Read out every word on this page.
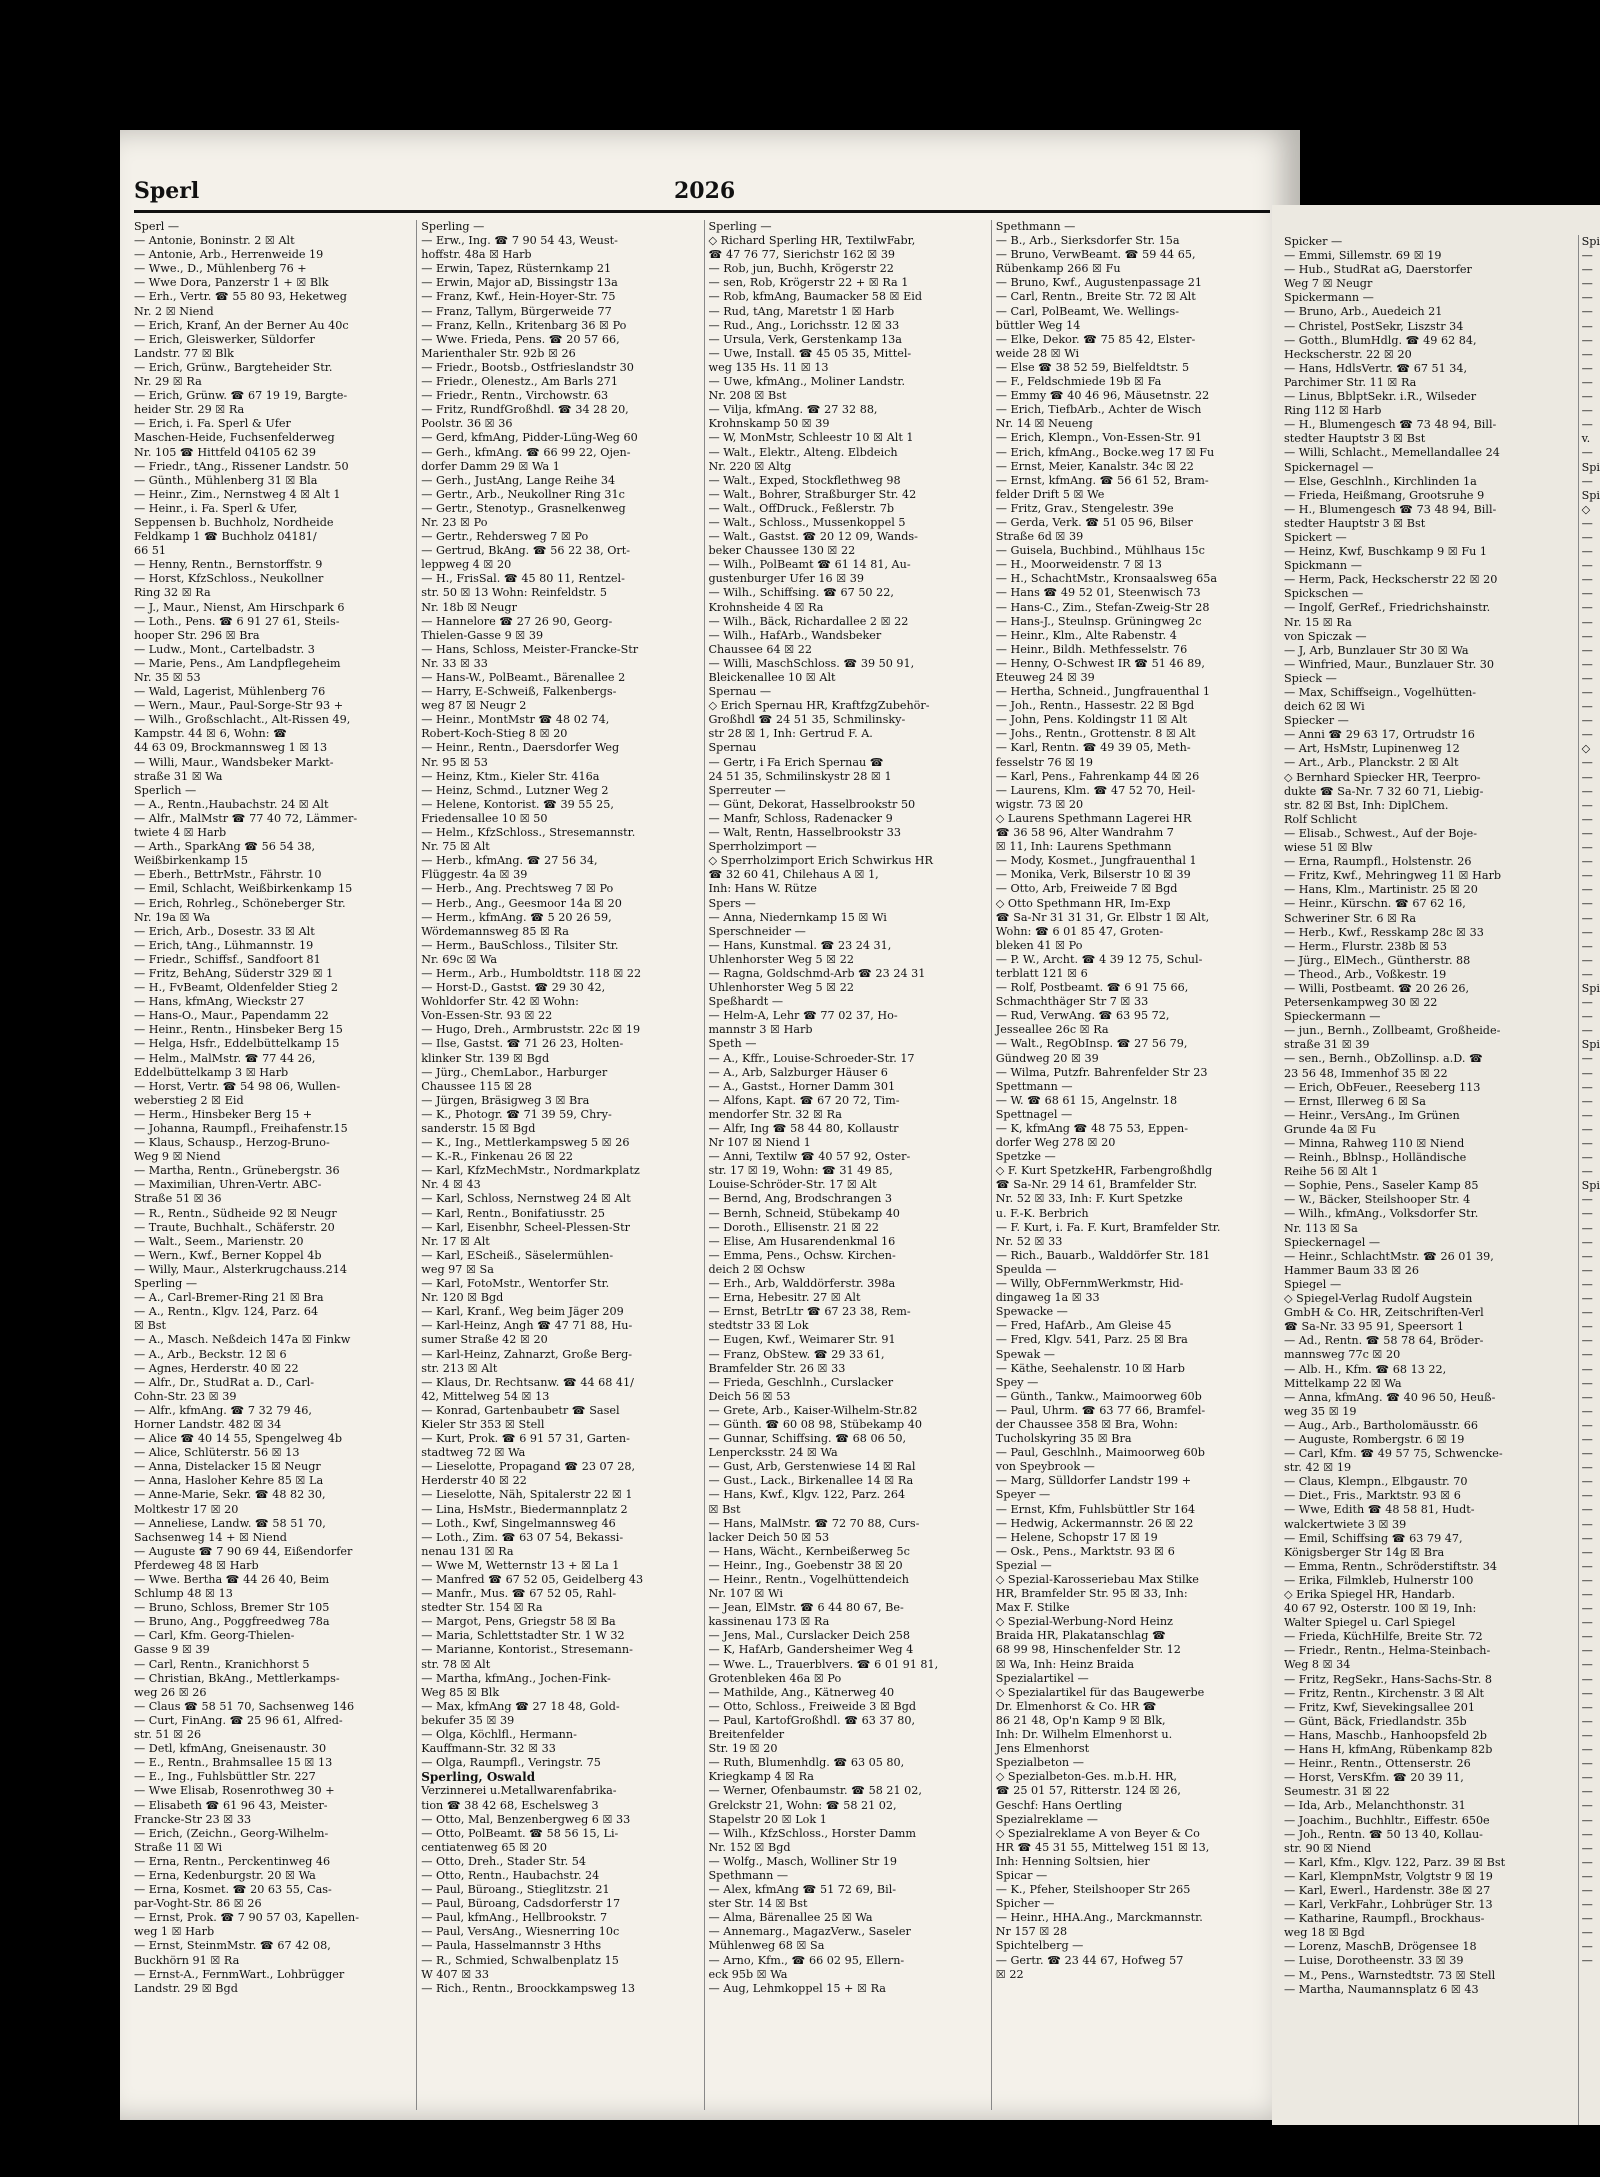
Sperl	2026
Sperl —
— Antonie, Boninstr. 2 ☒ Alt
— Antonie, Arb., Herrenweide 19
— Wwe., D., Mühlenberg 76 +
— Wwe Dora, Panzerstr 1 + ☒ Blk
— Erh., Vertr. ☎ 55 80 93, Heketweg
Nr. 2 ☒ Niend
— Erich, Kranf, An der Berner Au 40c
— Erich, Gleiswerker, Süldorfer
Landstr. 77 ☒ Blk
— Erich, Grünw., Bargteheider Str.
Nr. 29 ☒ Ra
— Erich, Grünw. ☎ 67 19 19, Bargte-
heider Str. 29 ☒ Ra
— Erich, i. Fa. Sperl & Ufer
Maschen-Heide, Fuchsenfelderweg
Nr. 105 ☎ Hittfeld 04105 62 39
— Friedr., tAng., Rissener Landstr. 50
— Günth., Mühlenberg 31 ☒ Bla
— Heinr., Zim., Nernstweg 4 ☒ Alt 1
— Heinr., i. Fa. Sperl & Ufer,
Seppensen b. Buchholz, Nordheide
Feldkamp 1 ☎ Buchholz 04181/
66 51
— Henny, Rentn., Bernstorffstr. 9
— Horst, KfzSchloss., Neukollner
Ring 32 ☒ Ra
— J., Maur., Nienst, Am Hirschpark 6
— Loth., Pens. ☎ 6 91 27 61, Steils-
hooper Str. 296 ☒ Bra
— Ludw., Mont., Cartelbadstr. 3
— Marie, Pens., Am Landpflegeheim
Nr. 35 ☒ 53
— Wald, Lagerist, Mühlenberg 76
— Wern., Maur., Paul-Sorge-Str 93 +
— Wilh., Großschlacht., Alt-Rissen 49,
Kampstr. 44 ☒ 6, Wohn: ☎
44 63 09, Brockmannsweg 1 ☒ 13
— Willi, Maur., Wandsbeker Markt-
straße 31 ☒ Wa
Sperlich —
— A., Rentn.,Haubachstr. 24 ☒ Alt
— Alfr., MalMstr ☎ 77 40 72, Lämmer-
twiete 4 ☒ Harb
— Arth., SparkAng ☎ 56 54 38,
Weißbirkenkamp 15
— Eberh., BettrMstr., Fährstr. 10
— Emil, Schlacht, Weißbirkenkamp 15
— Erich, Rohrleg., Schöneberger Str.
Nr. 19a ☒ Wa
— Erich, Arb., Dosestr. 33 ☒ Alt
— Erich, tAng., Lühmannstr. 19
— Friedr., Schiffsf., Sandfoort 81
— Fritz, BehAng, Süderstr 329 ☒ 1
— H., FvBeamt, Oldenfelder Stieg 2
— Hans, kfmAng, Wieckstr 27
— Hans-O., Maur., Papendamm 22
— Heinr., Rentn., Hinsbeker Berg 15
— Helga, Hsfr., Eddelbüttelkamp 15
— Helm., MalMstr. ☎ 77 44 26,
Eddelbüttelkamp 3 ☒ Harb
— Horst, Vertr. ☎ 54 98 06, Wullen-
weberstieg 2 ☒ Eid
— Herm., Hinsbeker Berg 15 +
— Johanna, Raumpfl., Freihafenstr.15
— Klaus, Schausp., Herzog-Bruno-
Weg 9 ☒ Niend
— Martha, Rentn., Grünebergstr. 36
— Maximilian, Uhren-Vertr. ABC-
Straße 51 ☒ 36
— R., Rentn., Südheide 92 ☒ Neugr
— Traute, Buchhalt., Schäferstr. 20
— Walt., Seem., Marienstr. 20
— Wern., Kwf., Berner Koppel 4b
— Willy, Maur., Alsterkrugchauss.214
Sperling —
— A., Carl-Bremer-Ring 21 ☒ Bra
— A., Rentn., Klgv. 124, Parz. 64
☒ Bst
— A., Masch. Neßdeich 147a ☒ Finkw
— A., Arb., Beckstr. 12 ☒ 6
— Agnes, Herderstr. 40 ☒ 22
— Alfr., Dr., StudRat a. D., Carl-
Cohn-Str. 23 ☒ 39
— Alfr., kfmAng. ☎ 7 32 79 46,
Horner Landstr. 482 ☒ 34
— Alice ☎ 40 14 55, Spengelweg 4b
— Alice, Schlüterstr. 56 ☒ 13
— Anna, Distelacker 15 ☒ Neugr
— Anna, Hasloher Kehre 85 ☒ La
— Anne-Marie, Sekr. ☎ 48 82 30,
Moltkestr 17 ☒ 20
— Anneliese, Landw. ☎ 58 51 70,
Sachsenweg 14 + ☒ Niend
— Auguste ☎ 7 90 69 44, Eißendorfer
Pferdeweg 48 ☒ Harb
— Wwe. Bertha ☎ 44 26 40, Beim
Schlump 48 ☒ 13
— Bruno, Schloss, Bremer Str 105
— Bruno, Ang., Poggfreedweg 78a
— Carl, Kfm. Georg-Thielen-
Gasse 9 ☒ 39
— Carl, Rentn., Kranichhorst 5
— Christian, BkAng., Mettlerkamps-
weg 26 ☒ 26
— Claus ☎ 58 51 70, Sachsenweg 146
— Curt, FinAng. ☎ 25 96 61, Alfred-
str. 51 ☒ 26
— Detl, kfmAng, Gneisenaustr. 30
— E., Rentn., Brahmsallee 15 ☒ 13
— E., Ing., Fuhlsbüttler Str. 227
— Wwe Elisab, Rosenrothweg 30 +
— Elisabeth ☎ 61 96 43, Meister-
Francke-Str 23 ☒ 33
— Erich, (Zeichn., Georg-Wilhelm-
Straße 11 ☒ Wi
— Erna, Rentn., Perckentinweg 46
— Erna, Kedenburgstr. 20 ☒ Wa
— Erna, Kosmet. ☎ 20 63 55, Cas-
par-Voght-Str. 86 ☒ 26
— Ernst, Prok. ☎ 7 90 57 03, Kapellen-
weg 1 ☒ Harb
— Ernst, SteinmMstr. ☎ 67 42 08,
Buckhörn 91 ☒ Ra
— Ernst-A., FernmWart., Lohbrügger
Landstr. 29 ☒ Bgd
Sperling —
— Erw., Ing. ☎ 7 90 54 43, Weust-
hoffstr. 48a ☒ Harb
— Erwin, Tapez, Rüsternkamp 21
— Erwin, Major aD, Bissingstr 13a
— Franz, Kwf., Hein-Hoyer-Str. 75
— Franz, Tallym, Bürgerweide 77
— Franz, Kelln., Kritenbarg 36 ☒ Po
— Wwe. Frieda, Pens. ☎ 20 57 66,
Marienthaler Str. 92b ☒ 26
— Friedr., Bootsb., Ostfrieslandstr 30
— Friedr., Olenestz., Am Barls 271
— Friedr., Rentn., Virchowstr. 63
— Fritz, RundfGroßhdl. ☎ 34 28 20,
Poolstr. 36 ☒ 36
— Gerd, kfmAng, Pidder-Lüng-Weg 60
— Gerh., kfmAng. ☎ 66 99 22, Ojen-
dorfer Damm 29 ☒ Wa 1
— Gerh., JustAng, Lange Reihe 34
— Gertr., Arb., Neukollner Ring 31c
— Gertr., Stenotyp., Grasnelkenweg
Nr. 23 ☒ Po
— Gertr., Rehdersweg 7 ☒ Po
— Gertrud, BkAng. ☎ 56 22 38, Ort-
leppweg 4 ☒ 20
— H., FrisSal. ☎ 45 80 11, Rentzel-
str. 50 ☒ 13 Wohn: Reinfeldstr. 5
Nr. 18b ☒ Neugr
— Hannelore ☎ 27 26 90, Georg-
Thielen-Gasse 9 ☒ 39
— Hans, Schloss, Meister-Francke-Str
Nr. 33 ☒ 33
— Hans-W., PolBeamt., Bärenallee 2
— Harry, E-Schweiß, Falkenbergs-
weg 87 ☒ Neugr 2
— Heinr., MontMstr ☎ 48 02 74,
Robert-Koch-Stieg 8 ☒ 20
— Heinr., Rentn., Daersdorfer Weg
Nr. 95 ☒ 53
— Heinz, Ktm., Kieler Str. 416a
— Heinz, Schmd., Lutzner Weg 2
— Helene, Kontorist. ☎ 39 55 25,
Friedensallee 10 ☒ 50
— Helm., KfzSchloss., Stresemannstr.
Nr. 75 ☒ Alt
— Herb., kfmAng. ☎ 27 56 34,
Flüggestr. 4a ☒ 39
— Herb., Ang. Prechtsweg 7 ☒ Po
— Herb., Ang., Geesmoor 14a ☒ 20
— Herm., kfmAng. ☎ 5 20 26 59,
Wördemannsweg 85 ☒ Ra
— Herm., BauSchloss., Tilsiter Str.
Nr. 69c ☒ Wa
— Herm., Arb., Humboldtstr. 118 ☒ 22
— Horst-D., Gastst. ☎ 29 30 42,
Wohldorfer Str. 42 ☒ Wohn:
Von-Essen-Str. 93 ☒ 22
— Hugo, Dreh., Armbruststr. 22c ☒ 19
— Ilse, Gastst. ☎ 71 26 23, Holten-
klinker Str. 139 ☒ Bgd
— Jürg., ChemLabor., Harburger
Chaussee 115 ☒ 28
— Jürgen, Bräsigweg 3 ☒ Bra
— K., Photogr. ☎ 71 39 59, Chry-
sanderstr. 15 ☒ Bgd
— K., Ing., Mettlerkampsweg 5 ☒ 26
— K.-R., Finkenau 26 ☒ 22
— Karl, KfzMechMstr., Nordmarkplatz
Nr. 4 ☒ 43
— Karl, Schloss, Nernstweg 24 ☒ Alt
— Karl, Rentn., Bonifatiusstr. 25
— Karl, Eisenbhr, Scheel-Plessen-Str
Nr. 17 ☒ Alt
— Karl, EScheiß., Säselermühlen-
weg 97 ☒ Sa
— Karl, FotoMstr., Wentorfer Str.
Nr. 120 ☒ Bgd
— Karl, Kranf., Weg beim Jäger 209
— Karl-Heinz, Angh ☎ 47 71 88, Hu-
sumer Straße 42 ☒ 20
— Karl-Heinz, Zahnarzt, Große Berg-
str. 213 ☒ Alt
— Klaus, Dr. Rechtsanw. ☎ 44 68 41/
42, Mittelweg 54 ☒ 13
— Konrad, Gartenbaubetr ☎ Sasel
Kieler Str 353 ☒ Stell
— Kurt, Prok. ☎ 6 91 57 31, Garten-
stadtweg 72 ☒ Wa
— Lieselotte, Propagand ☎ 23 07 28,
Herderstr 40 ☒ 22
— Lieselotte, Näh, Spitalerstr 22 ☒ 1
— Lina, HsMstr., Biedermannplatz 2
— Loth., Kwf, Singelmannsweg 46
— Loth., Zim. ☎ 63 07 54, Bekassi-
nenau 131 ☒ Ra
— Wwe M, Wetternstr 13 + ☒ La 1
— Manfred ☎ 67 52 05, Geidelberg 43
— Manfr., Mus. ☎ 67 52 05, Rahl-
stedter Str. 154 ☒ Ra
— Margot, Pens, Griegstr 58 ☒ Ba
— Maria, Schlettstadter Str. 1 W 32
— Marianne, Kontorist., Stresemann-
str. 78 ☒ Alt
— Martha, kfmAng., Jochen-Fink-
Weg 85 ☒ Blk
— Max, kfmAng ☎ 27 18 48, Gold-
bekufer 35 ☒ 39
— Olga, Köchlfl., Hermann-
Kauffmann-Str. 32 ☒ 33
— Olga, Raumpfl., Veringstr. 75
Sperling, Oswald
Verzinnerei u.Metallwarenfabrika-
tion ☎ 38 42 68, Eschelsweg 3
— Otto, Mal, Benzenbergweg 6 ☒ 33
— Otto, PolBeamt. ☎ 58 56 15, Li-
centiatenweg 65 ☒ 20
— Otto, Dreh., Stader Str. 54
— Otto, Rentn., Haubachstr. 24
— Paul, Büroang., Stieglitzstr. 21
— Paul, Büroang, Cadsdorferstr 17
— Paul, kfmAng., Hellbrookstr. 7
— Paul, VersAng., Wiesnerring 10c
— Paula, Hasselmannstr 3 Hths
— R., Schmied, Schwalbenplatz 15
W 407 ☒ 33
— Rich., Rentn., Broockkampsweg 13
Sperling —
◇ Richard Sperling HR, TextilwFabr,
☎ 47 76 77, Sierichstr 162 ☒ 39
— Rob, jun, Buchh, Krögerstr 22
— sen, Rob, Krögerstr 22 + ☒ Ra 1
— Rob, kfmAng, Baumacker 58 ☒ Eid
— Rud, tAng, Maretstr 1 ☒ Harb
— Rud., Ang., Lorichsstr. 12 ☒ 33
— Ursula, Verk, Gerstenkamp 13a
— Uwe, Install. ☎ 45 05 35, Mittel-
weg 135 Hs. 11 ☒ 13
— Uwe, kfmAng., Moliner Landstr.
Nr. 208 ☒ Bst
— Vilja, kfmAng. ☎ 27 32 88,
Krohnskamp 50 ☒ 39
— W, MonMstr, Schleestr 10 ☒ Alt 1
— Walt., Elektr., Alteng. Elbdeich
Nr. 220 ☒ Altg
— Walt., Exped, Stockflethweg 98
— Walt., Bohrer, Straßburger Str. 42
— Walt., OffDruck., Feßlerstr. 7b
— Walt., Schloss., Mussenkoppel 5
— Walt., Gastst. ☎ 20 12 09, Wands-
beker Chaussee 130 ☒ 22
— Wilh., PolBeamt ☎ 61 14 81, Au-
gustenburger Ufer 16 ☒ 39
— Wilh., Schiffsing. ☎ 67 50 22,
Krohnsheide 4 ☒ Ra
— Wilh., Bäck, Richardallee 2 ☒ 22
— Wilh., HafArb., Wandsbeker
Chaussee 64 ☒ 22
— Willi, MaschSchloss. ☎ 39 50 91,
Bleickenallee 10 ☒ Alt
Spernau —
◇ Erich Spernau HR, KraftfzgZubehör-
Großhdl ☎ 24 51 35, Schmilinsky-
str 28 ☒ 1, Inh: Gertrud F. A.
Spernau
— Gertr, i Fa Erich Spernau ☎
24 51 35, Schmilinskystr 28 ☒ 1
Sperreuter —
— Günt, Dekorat, Hasselbrookstr 50
— Manfr, Schloss, Radenacker 9
— Walt, Rentn, Hasselbrookstr 33
Sperrholzimport —
◇ Sperrholzimport Erich Schwirkus HR
☎ 32 60 41, Chilehaus A ☒ 1,
Inh: Hans W. Rütze
Spers —
— Anna, Niedernkamp 15 ☒ Wi
Sperschneider —
— Hans, Kunstmal. ☎ 23 24 31,
Uhlenhorster Weg 5 ☒ 22
— Ragna, Goldschmd-Arb ☎ 23 24 31
Uhlenhorster Weg 5 ☒ 22
Speßhardt —
— Helm-A, Lehr ☎ 77 02 37, Ho-
mannstr 3 ☒ Harb
Speth —
— A., Kffr., Louise-Schroeder-Str. 17
— A., Arb, Salzburger Häuser 6
— A., Gastst., Horner Damm 301
— Alfons, Kapt. ☎ 67 20 72, Tim-
mendorfer Str. 32 ☒ Ra
— Alfr, Ing ☎ 58 44 80, Kollaustr
Nr 107 ☒ Niend 1
— Anni, Textilw ☎ 40 57 92, Oster-
str. 17 ☒ 19, Wohn: ☎ 31 49 85,
Louise-Schröder-Str. 17 ☒ Alt
— Bernd, Ang, Brodschrangen 3
— Bernh, Schneid, Stübekamp 40
— Doroth., Ellisenstr. 21 ☒ 22
— Elise, Am Husarendenkmal 16
— Emma, Pens., Ochsw. Kirchen-
deich 2 ☒ Ochsw
— Erh., Arb, Walddörferstr. 398a
— Erna, Hebesitr. 27 ☒ Alt
— Ernst, BetrLtr ☎ 67 23 38, Rem-
stedtstr 33 ☒ Lok
— Eugen, Kwf., Weimarer Str. 91
— Franz, ObStew. ☎ 29 33 61,
Bramfelder Str. 26 ☒ 33
— Frieda, Geschlnh., Curslacker
Deich 56 ☒ 53
— Grete, Arb., Kaiser-Wilhelm-Str.82
— Günth. ☎ 60 08 98, Stübekamp 40
— Gunnar, Schiffsing. ☎ 68 06 50,
Lenpercksstr. 24 ☒ Wa
— Gust, Arb, Gerstenwiese 14 ☒ Ral
— Gust., Lack., Birkenallee 14 ☒ Ra
— Hans, Kwf., Klgv. 122, Parz. 264
☒ Bst
— Hans, MalMstr. ☎ 72 70 88, Curs-
lacker Deich 50 ☒ 53
— Hans, Wächt., Kernbeißerweg 5c
— Heinr., Ing., Goebenstr 38 ☒ 20
— Heinr., Rentn., Vogelhüttendeich
Nr. 107 ☒ Wi
— Jean, ElMstr. ☎ 6 44 80 67, Be-
kassinenau 173 ☒ Ra
— Jens, Mal., Curslacker Deich 258
— K, HafArb, Gandersheimer Weg 4
— Wwe. L., Trauerblvers. ☎ 6 01 91 81,
Grotenbleken 46a ☒ Po
— Mathilde, Ang., Kätnerweg 40
— Otto, Schloss., Freiweide 3 ☒ Bgd
— Paul, KartofGroßhdl. ☎ 63 37 80,
Breitenfelder
Str. 19 ☒ 20
— Ruth, Blumenhdlg. ☎ 63 05 80,
Kriegkamp 4 ☒ Ra
— Werner, Ofenbaumstr. ☎ 58 21 02,
Grelckstr 21, Wohn: ☎ 58 21 02,
Stapelstr 20 ☒ Lok 1
— Wilh., KfzSchloss., Horster Damm
Nr. 152 ☒ Bgd
— Wolfg., Masch, Wolliner Str 19
Spethmann —
— Alex, kfmAng ☎ 51 72 69, Bil-
ster Str. 14 ☒ Bst
— Alma, Bärenallee 25 ☒ Wa
— Annemarg., MagazVerw., Saseler
Mühlenweg 68 ☒ Sa
— Arno, Kfm., ☎ 66 02 95, Ellern-
eck 95b ☒ Wa
— Aug, Lehmkoppel 15 + ☒ Ra
Spethmann —
— B., Arb., Sierksdorfer Str. 15a
— Bruno, VerwBeamt. ☎ 59 44 65,
Rübenkamp 266 ☒ Fu
— Bruno, Kwf., Augustenpassage 21
— Carl, Rentn., Breite Str. 72 ☒ Alt
— Carl, PolBeamt, We. Wellings-
büttler Weg 14
— Elke, Dekor. ☎ 75 85 42, Elster-
weide 28 ☒ Wi
— Else ☎ 38 52 59, Bielfeldtstr. 5
— F., Feldschmiede 19b ☒ Fa
— Emmy ☎ 40 46 96, Mäusetnstr. 22
— Erich, TiefbArb., Achter de Wisch
Nr. 14 ☒ Neueng
— Erich, Klempn., Von-Essen-Str. 91
— Erich, kfmAng., Bocke.weg 17 ☒ Fu
— Ernst, Meier, Kanalstr. 34c ☒ 22
— Ernst, kfmAng. ☎ 56 61 52, Bram-
felder Drift 5 ☒ We
— Fritz, Grav., Stengelestr. 39e
— Gerda, Verk. ☎ 51 05 96, Bilser
Straße 6d ☒ 39
— Guisela, Buchbind., Mühlhaus 15c
— H., Moorweidenstr. 7 ☒ 13
— H., SchachtMstr., Kronsaalsweg 65a
— Hans ☎ 49 52 01, Steenwisch 73
— Hans-C., Zim., Stefan-Zweig-Str 28
— Hans-J., Steulnsp. Grüningweg 2c
— Heinr., Klm., Alte Rabenstr. 4
— Heinr., Bildh. Methfesselstr. 76
— Henny, O-Schwest IR ☎ 51 46 89,
Eteuweg 24 ☒ 39
— Hertha, Schneid., Jungfrauenthal 1
— Joh., Rentn., Hassestr. 22 ☒ Bgd
— John, Pens. Koldingstr 11 ☒ Alt
— Johs., Rentn., Grottenstr. 8 ☒ Alt
— Karl, Rentn. ☎ 49 39 05, Meth-
fesselstr 76 ☒ 19
— Karl, Pens., Fahrenkamp 44 ☒ 26
— Laurens, Klm. ☎ 47 52 70, Heil-
wigstr. 73 ☒ 20
◇ Laurens Spethmann Lagerei HR
☎ 36 58 96, Alter Wandrahm 7
☒ 11, Inh: Laurens Spethmann
— Mody, Kosmet., Jungfrauenthal 1
— Monika, Verk, Bilserstr 10 ☒ 39
— Otto, Arb, Freiweide 7 ☒ Bgd
◇ Otto Spethmann HR, Im-Exp
☎ Sa-Nr 31 31 31, Gr. Elbstr 1 ☒ Alt,
Wohn: ☎ 6 01 85 47, Groten-
bleken 41 ☒ Po
— P. W., Archt. ☎ 4 39 12 75, Schul-
terblatt 121 ☒ 6
— Rolf, Postbeamt. ☎ 6 91 75 66,
Schmachthäger Str 7 ☒ 33
— Rud, VerwAng. ☎ 63 95 72,
Jesseallee 26c ☒ Ra
— Walt., RegObInsp. ☎ 27 56 79,
Gündweg 20 ☒ 39
— Wilma, Putzfr. Bahrenfelder Str 23
Spettmann —
— W. ☎ 68 61 15, Angelnstr. 18
Spettnagel —
— K, kfmAng ☎ 48 75 53, Eppen-
dorfer Weg 278 ☒ 20
Spetzke —
◇ F. Kurt SpetzkeHR, Farbengroßhdlg
☎ Sa-Nr. 29 14 61, Bramfelder Str.
Nr. 52 ☒ 33, Inh: F. Kurt Spetzke
u. F.-K. Berbrich
— F. Kurt, i. Fa. F. Kurt, Bramfelder Str.
Nr. 52 ☒ 33
— Rich., Bauarb., Walddörfer Str. 181
Speulda —
— Willy, ObFernmWerkmstr, Hid-
dingaweg 1a ☒ 33
Spewacke —
— Fred, HafArb., Am Gleise 45
— Fred, Klgv. 541, Parz. 25 ☒ Bra
Spewak —
— Käthe, Seehalenstr. 10 ☒ Harb
Spey —
— Günth., Tankw., Maimoorweg 60b
— Paul, Uhrm. ☎ 63 77 66, Bramfel-
der Chaussee 358 ☒ Bra, Wohn:
Tucholskyring 35 ☒ Bra
— Paul, Geschlnh., Maimoorweg 60b
von Speybrook —
— Marg, Sülldorfer Landstr 199 +
Speyer —
— Ernst, Kfm, Fuhlsbüttler Str 164
— Hedwig, Ackermannstr. 26 ☒ 22
— Helene, Schopstr 17 ☒ 19
— Osk., Pens., Marktstr. 93 ☒ 6
Spezial —
◇ Spezial-Karosseriebau Max Stilke
HR, Bramfelder Str. 95 ☒ 33, Inh:
Max F. Stilke
◇ Spezial-Werbung-Nord Heinz
Braida HR, Plakatanschlag ☎
68 99 98, Hinschenfelder Str. 12
☒ Wa, Inh: Heinz Braida
Spezialartikel —
◇ Spezialartikel für das Baugewerbe
Dr. Elmenhorst & Co. HR ☎
86 21 48, Op'n Kamp 9 ☒ Blk,
Inh: Dr. Wilhelm Elmenhorst u.
Jens Elmenhorst
Spezialbeton —
◇ Spezialbeton-Ges. m.b.H. HR,
☎ 25 01 57, Ritterstr. 124 ☒ 26,
Geschf: Hans Oertling
Spezialreklame —
◇ Spezialreklame A von Beyer & Co
HR ☎ 45 31 55, Mittelweg 151 ☒ 13,
Inh: Henning Soltsien, hier
Spicar —
— K., Pfeher, Steilshooper Str 265
Spicher —
— Heinr., HHA.Ang., Marckmannstr.
Nr 157 ☒ 28
Spichtelberg —
— Gertr. ☎ 23 44 67, Hofweg 57
☒ 22
Spicker —
— Emmi, Sillemstr. 69 ☒ 19
— Hub., StudRat aG, Daerstorfer
Weg 7 ☒ Neugr
Spickermann —
— Bruno, Arb., Auedeich 21
— Christel, PostSekr, Liszstr 34
— Gotth., BlumHdlg. ☎ 49 62 84,
Heckscherstr. 22 ☒ 20
— Hans, HdlsVertr. ☎ 67 51 34,
Parchimer Str. 11 ☒ Ra
— Linus, BblptSekr. i.R., Wilseder
Ring 112 ☒ Harb
— H., Blumengesch ☎ 73 48 94, Bill-
stedter Hauptstr 3 ☒ Bst
— Willi, Schlacht., Memellandallee 24
Spickernagel —
— Else, Geschlnh., Kirchlinden 1a
— Frieda, Heißmang, Grootsruhe 9
— H., Blumengesch ☎ 73 48 94, Bill-
stedter Hauptstr 3 ☒ Bst
Spickert —
— Heinz, Kwf, Buschkamp 9 ☒ Fu 1
Spickmann —
— Herm, Pack, Heckscherstr 22 ☒ 20
Spickschen —
— Ingolf, GerRef., Friedrichshainstr.
Nr. 15 ☒ Ra
von Spiczak —
— J, Arb, Bunzlauer Str 30 ☒ Wa
— Winfried, Maur., Bunzlauer Str. 30
Spieck —
— Max, Schiffseign., Vogelhütten-
deich 62 ☒ Wi
Spiecker —
— Anni ☎ 29 63 17, Ortrudstr 16
— Art, HsMstr, Lupinenweg 12
— Art., Arb., Planckstr. 2 ☒ Alt
◇ Bernhard Spiecker HR, Teerpro-
dukte ☎ Sa-Nr. 7 32 60 71, Liebig-
str. 82 ☒ Bst, Inh: DiplChem.
Rolf Schlicht
— Elisab., Schwest., Auf der Boje-
wiese 51 ☒ Blw
— Erna, Raumpfl., Holstenstr. 26
— Fritz, Kwf., Mehringweg 11 ☒ Harb
— Hans, Klm., Martinistr. 25 ☒ 20
— Heinr., Kürschn. ☎ 67 62 16,
Schweriner Str. 6 ☒ Ra
— Herb., Kwf., Resskamp 28c ☒ 33
— Herm., Flurstr. 238b ☒ 53
— Jürg., ElMech., Güntherstr. 88
— Theod., Arb., Voßkestr. 19
— Willi, Postbeamt. ☎ 20 26 26,
Petersenkampweg 30 ☒ 22
Spieckermann —
— jun., Bernh., Zollbeamt, Großheide-
straße 31 ☒ 39
— sen., Bernh., ObZollinsp. a.D. ☎
23 56 48, Immenhof 35 ☒ 22
— Erich, ObFeuer., Reeseberg 113
— Ernst, Illerweg 6 ☒ Sa
— Heinr., VersAng., Im Grünen
Grunde 4a ☒ Fu
— Minna, Rahweg 110 ☒ Niend
— Reinh., Bblnsp., Holländische
Reihe 56 ☒ Alt 1
— Sophie, Pens., Saseler Kamp 85
— W., Bäcker, Steilshooper Str. 4
— Wilh., kfmAng., Volksdorfer Str.
Nr. 113 ☒ Sa
Spieckernagel —
— Heinr., SchlachtMstr. ☎ 26 01 39,
Hammer Baum 33 ☒ 26
Spiegel —
◇ Spiegel-Verlag Rudolf Augstein
GmbH & Co. HR, Zeitschriften-Verl
☎ Sa-Nr. 33 95 91, Speersort 1
— Ad., Rentn. ☎ 58 78 64, Bröder-
mannsweg 77c ☒ 20
— Alb. H., Kfm. ☎ 68 13 22,
Mittelkamp 22 ☒ Wa
— Anna, kfmAng. ☎ 40 96 50, Heuß-
weg 35 ☒ 19
— Aug., Arb., Bartholomäusstr. 66
— Auguste, Rombergstr. 6 ☒ 19
— Carl, Kfm. ☎ 49 57 75, Schwencke-
str. 42 ☒ 19
— Claus, Klempn., Elbgaustr. 70
— Diet., Fris., Marktstr. 93 ☒ 6
— Wwe, Edith ☎ 48 58 81, Hudt-
walckertwiete 3 ☒ 39
— Emil, Schiffsing ☎ 63 79 47,
Königsberger Str 14g ☒ Bra
— Emma, Rentn., Schröderstiftstr. 34
— Erika, Filmkleb, Hulnerstr 100
◇ Erika Spiegel HR, Handarb.
40 67 92, Osterstr. 100 ☒ 19, Inh:
Walter Spiegel u. Carl Spiegel
— Frieda, KüchHilfe, Breite Str. 72
— Friedr., Rentn., Helma-Steinbach-
Weg 8 ☒ 34
— Fritz, RegSekr., Hans-Sachs-Str. 8
— Fritz, Rentn., Kirchenstr. 3 ☒ Alt
— Fritz, Kwf, Sievekingsallee 201
— Günt, Bäck, Friedlandstr. 35b
— Hans, Maschb., Hanhoopsfeld 2b
— Hans H, kfmAng, Rübenkamp 82b
— Heinr., Rentn., Ottenserstr. 26
— Horst, VersKfm. ☎ 20 39 11,
Seumestr. 31 ☒ 22
— Ida, Arb., Melanchthonstr. 31
— Joachim., Buchhltr., Eiffestr. 650e
— Joh., Rentn. ☎ 50 13 40, Kollau-
str. 90 ☒ Niend
— Karl, Kfm., Klgv. 122, Parz. 39 ☒ Bst
— Karl, KlempnMstr, Volgtstr 9 ☒ 19
— Karl, Ewerl., Hardenstr. 38e ☒ 27
— Karl, VerkFahr., Lohbrüger Str. 13
— Katharine, Raumpfl., Brockhaus-
weg 18 ☒ Bgd
— Lorenz, MaschB, Drögensee 18
— Luise, Dorotheenstr. 33 ☒ 39
— M., Pens., Warnstedtstr. 73 ☒ Stell
— Martha, Naumannsplatz 6 ☒ 43
Spi
—
—
—
—
—
—
—
—
—
—
—
—
—
v.
—
Spi
—
Spi
◇
—
—
—
—
—
—
—
—
—
—
—
—
—
—
—
—
◇
—
—
—
—
—
—
—
—
—
—
—
—
—
—
—
—
Spi
—
—
—
Spi
—
—
—
—
—
—
—
—
—
Spi
—
—
—
—
—
—
—
—
—
—
—
—
—
—
—
—
—
—
—
—
—
—
—
—
—
—
—
—
—
—
—
—
—
—
—
—
—
—
—
—
—
—
—
—
—
—
—
—
—
—
—
—
—
—
—
